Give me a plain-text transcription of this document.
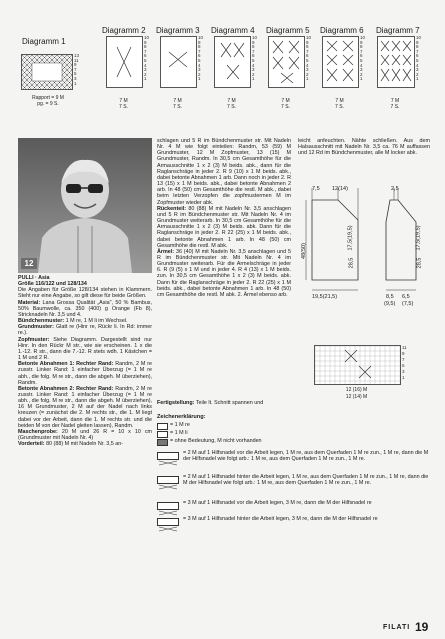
Diagramm 1
13
11
9
7
5
3
1
Rapport = 9 M
pg. = 9 S.
Diagramm 2
10
9
8
7
6
5
4
3
2
1
7 M
7 S.
Diagramm 3
10
9
8
7
6
5
4
3
2
1
7 M
7 S.
Diagramm 4
10
9
8
7
6
5
4
3
2
1
7 M
7 S.
Diagramm 5
10
9
8
7
6
5
4
3
2
1
7 M
7 S.
Diagramm 6
10
9
8
7
6
5
4
3
2
1
7 M
7 S.
Diagramm 7
10
9
8
7
6
5
4
3
2
1
7 M
7 S.
12

PULLI · Asia

Größe 116/122 und 128/134

Die Angaben für Größe 128/134 stehen in Klammern. Steht nur eine Angabe, so gilt diese für beide Größen.

Material: Lana Grossa Qualität „Asia", 50 % Bambus, 50% Baumwolle, ca. 350 (400) g Orange (Fb 8), Stricknadeln Nr. 3,5 und 4.

Bündchenmuster: 1 M re, 1 M li im Wechsel.

Grundmuster: Glatt re (Hinr re, Rückr li. In Rd: immer re.).

Zopfmuster: Siehe Diagramm. Dargestellt sind nur Hinr. In den Rückr M str., wie sie erscheinen. 1 x die 1.-12. R str., dann die 7.-12. R stets wdh. 1 Kästchen = 1 M und 2 R.

Betonte Abnahmen 1: Rechter Rand: Randm, 2 M re zusstr. Linker Rand: 1 einfacher Überzug (= 1 M re abh., die folg. M re str., dann die abgeh. M überziehen), Randm.

Betonte Abnahmen 2: Rechter Rand: Randm, 2 M re zusstr. Linker Rand: 1 einfacher Überzug (= 1 M re abh., die folg. M re str., dann die abgeh. M überziehen), 16 M Grundmuster, 2 M auf der Nadel nach links kreuzen (= zunächst die 2. M rechts str., die 1. M liegt dabei vor der Arbeit, dann die 1. M rechts str. und die beiden M von der Nadel gleiten lassen), Randm.

Maschenprobe: 20 M und 26 R = 10 x 10 cm (Grundmuster mit Nadeln Nr. 4)

Vorderteil: 80 (88) M mit Nadeln Nr. 3,5 an-

schlagen und 5 R im Bündchenmuster str. Mit Nadeln Nr. 4 M wie folgt einteilen: Randm, 53 (59) M Grundmuster, 12 M Zopfmuster, 13 (15) M Grundmuster, Randm. In 30,5 cm Gesamthöhe für die Armausschnitte 1 x 2 (3) M beids. abk., dann für die Raglanschräge in jeder 2. R 9 (10) x 1 M beids. abk., dabei betonte Abnahmen 1 arb. Dann noch in jeder 2. R 13 (15) x 1 M beids. abk., dabei betonte Abnahmen 2 arb. In 48 (50) cm Gesamthöhe die restl. M abk., dabei beim letzten Verzopfen die zopfmustermen M im Zopfmuster wieder abk.

Rückenteil: 80 (88) M mit Nadeln Nr. 3,5 anschlagen und 5 R im Bündchenmuster str. Mit Nadeln Nr. 4 im Grundmuster weiterarb. In 30,5 cm Gesamthöhe für die Armausschnitte 1 x 2 (3) M beids. abk. Dann für die Raglanschräge in jeder 2. R 22 (25) x 1 M beids. abk., dabei betonte Abnahmen 1 arb. In 48 (50) cm Gesamthöhe die restl. M abk.

Ärmel: 36 (40) M mit Nadeln Nr. 3,5 anschlagen und 5 R im Bündchenmuster str. Mit Nadeln Nr. 4 im Grundmuster weiterarb. Für die Armelschräge in jeder 6. R (9 (5) x 1 M und in jeder 4. R 4 (13) x 1 M beids. zun. In 30,5 cm Gesamthöhe 1 x 2 (3) M beids. abk. Dann für die Raglanschräge in jeder 2. R 22 (25) x 1 M beids. abk., dabei betonte Abnahmen 1 arb. In 48 (50) cm Gesamthöhe die restl. M abk. 2. Ärmel ebenso arb.

leicht anfeuchten. Nähte schließen. Aus dem Halsausschnitt mit Nadeln Nr. 3,5 ca. 76 M auffassen und 12 Rd im Bündchenmuster, alle M locker abk.

7,5 12(14)
17,5(19,5)
48(50)
28,5
19,5(21,5)
2,5
17,5(19,5)
28,5
8,5 6,5
(9,5) (7,5)
11
9
7
5
3
1
12 (16) M
12 (14) M

Fertigstellung: Teile lt. Schnitt spannen und

Zeichenerklärung:
= 1 M re
= 1 M li
= ohne Bedeutung, M nicht vorhanden
= 2 M auf 1 Hilfsnadel vor die Arbeit legen, 1 M re, aus dem Querfaden 1 M re zun., 1 M re, dann die M der Hilfsnadel wie folgt arb.: 1 M re, aus dem Querfaden 1 M re zun., 1 M re.
= 2 M auf 1 Hilfsnadel hinter die Arbeit legen, 1 M re, aus dem Querfaden 1 M re zun., 1 M re, dann die M der Hilfsnadel wie folgt arb.: 1 M re, aus dem Querfaden 1 M re zun., 1 M re.
= 3 M auf 1 Hilfsnadel vor die Arbeit legen, 3 M re, dann die M der Hilfsnadel re
= 3 M auf 1 Hilfsnadel hinter die Arbeit legen, 3 M re, dann die M der Hilfsnadel re
FILATI 19
